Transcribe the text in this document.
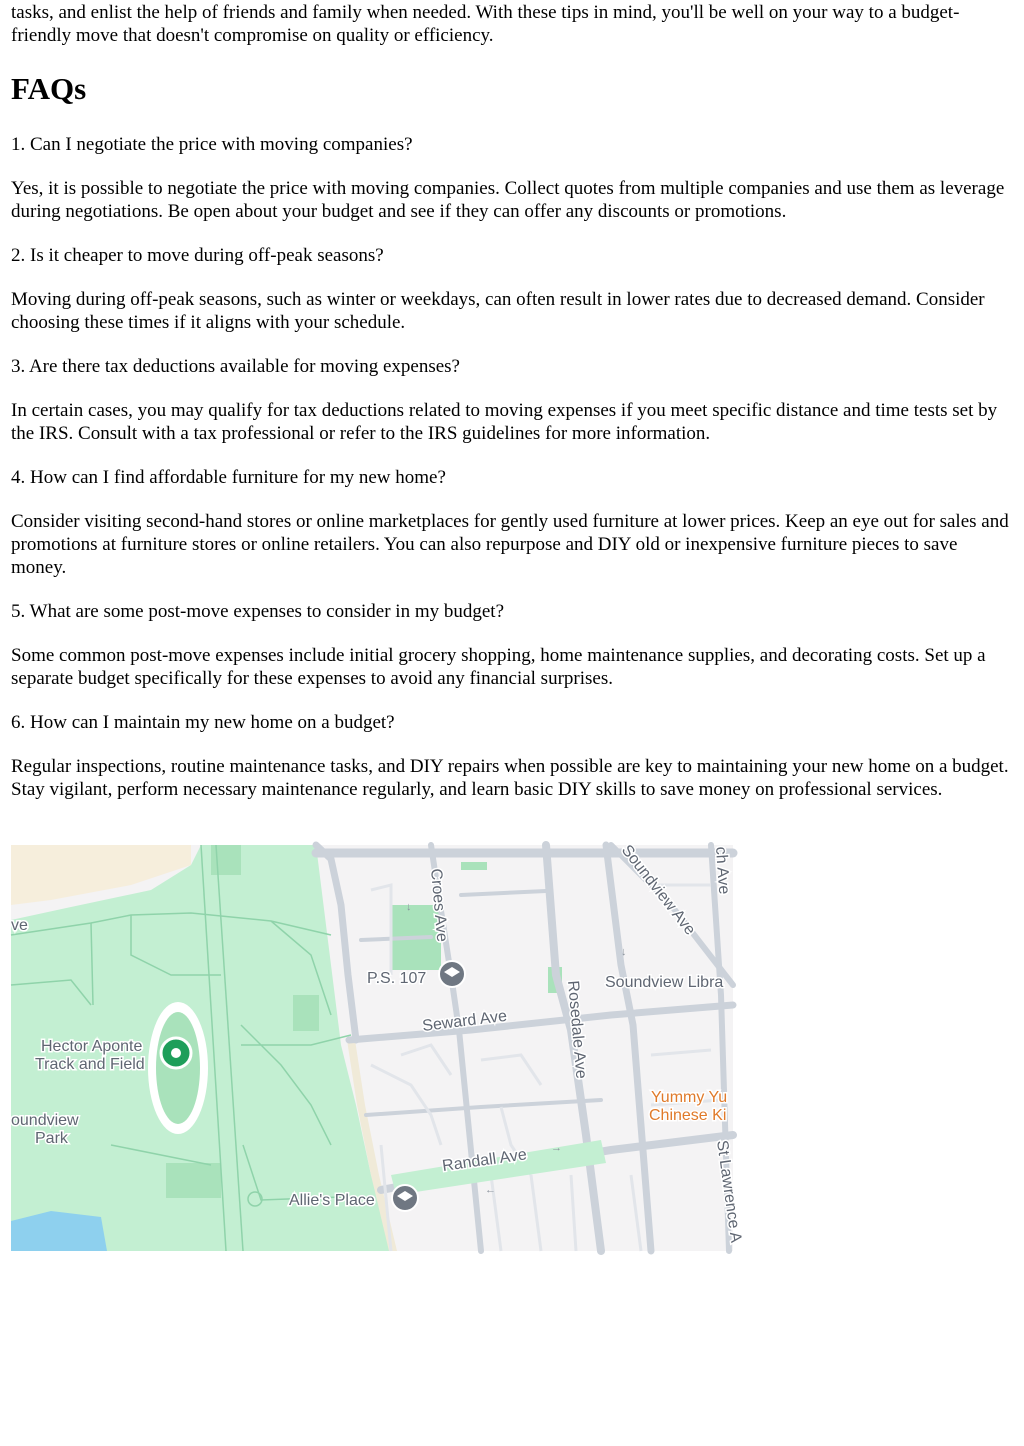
tasks, and enlist the help of friends and family when needed. With these tips in mind, you'll be well on your way to a budget-friendly move that doesn't compromise on quality or efficiency.

FAQs

1. Can I negotiate the price with moving companies?

Yes, it is possible to negotiate the price with moving companies. Collect quotes from multiple companies and use them as leverage during negotiations. Be open about your budget and see if they can offer any discounts or promotions.

2. Is it cheaper to move during off-peak seasons?

Moving during off-peak seasons, such as winter or weekdays, can often result in lower rates due to decreased demand. Consider choosing these times if it aligns with your schedule.

3. Are there tax deductions available for moving expenses?

In certain cases, you may qualify for tax deductions related to moving expenses if you meet specific distance and time tests set by the IRS. Consult with a tax professional or refer to the IRS guidelines for more information.

4. How can I find affordable furniture for my new home?

Consider visiting second-hand stores or online marketplaces for gently used furniture at lower prices. Keep an eye out for sales and promotions at furniture stores or online retailers. You can also repurpose and DIY old or inexpensive furniture pieces to save money.

5. What are some post-move expenses to consider in my budget?

Some common post-move expenses include initial grocery shopping, home maintenance supplies, and decorating costs. Set up a separate budget specifically for these expenses to avoid any financial surprises.

6. How can I maintain my new home on a budget?

Regular inspections, routine maintenance tasks, and DIY repairs when possible are key to maintaining your new home on a budget. Stay vigilant, perform necessary maintenance regularly, and learn basic DIY skills to save money on professional services.

↓
↓
→
←
ve	Croes Ave	Soundview Ave ch Ave
P.S. 107	Soundview Libra
Seward Ave	Rosedale Ave
Hector Aponte
Track and Field
oundview
Park
Randall Ave
Allie's Place	St Lawrence A
Yummy Yu
Chinese Ki
